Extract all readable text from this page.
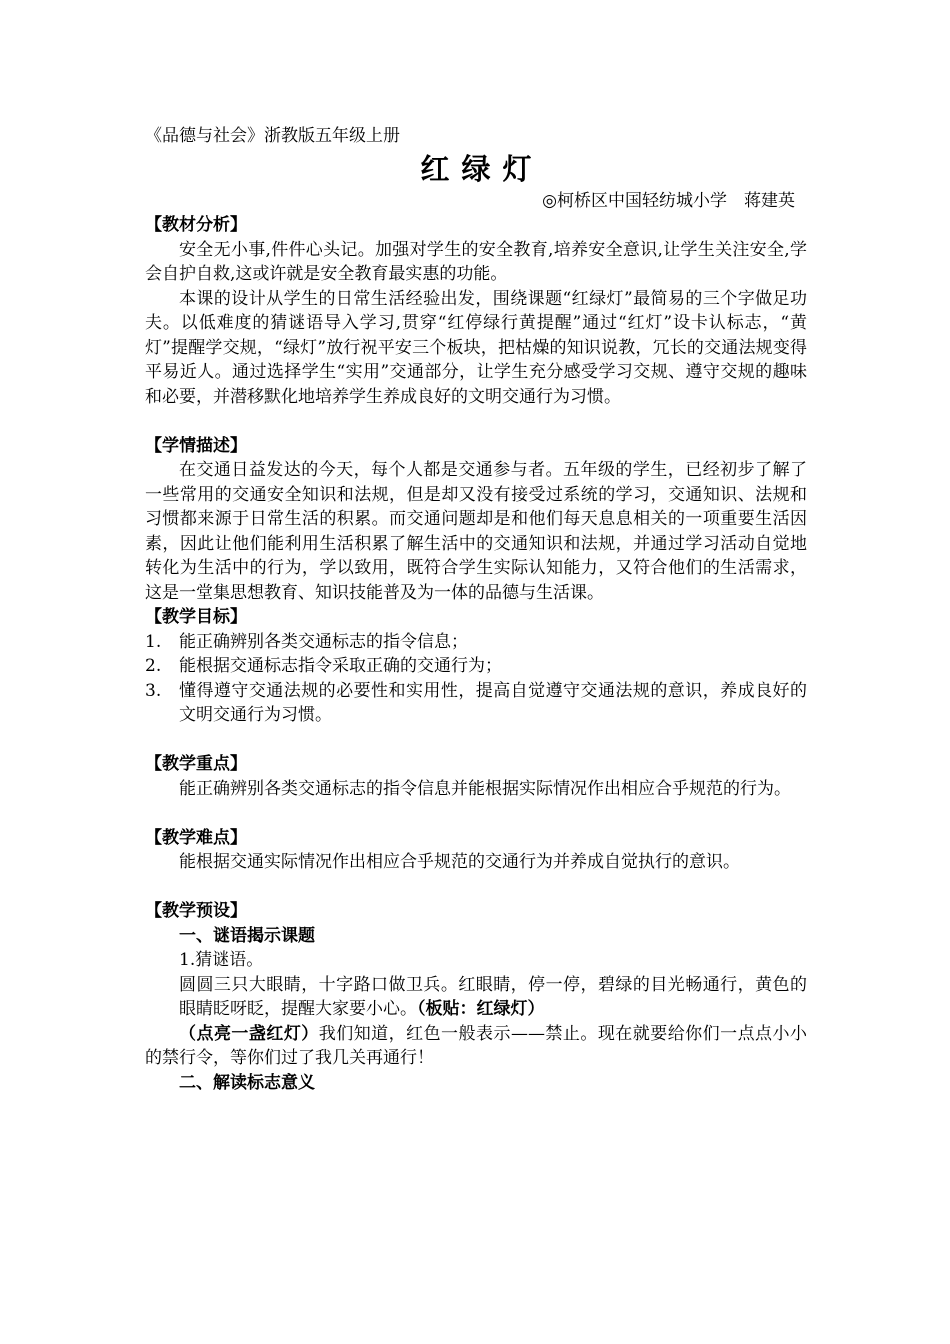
《品德与社会》浙教版五年级上册

红绿灯

◎柯桥区中国轻纺城小学　蒋建英

【教材分析】

安全无小事,件件心头记。加强对学生的安全教育,培养安全意识,让学生关注安全,学会自护自救,这或许就是安全教育最实惠的功能。

本课的设计从学生的日常生活经验出发，围绕课题“红绿灯”最简易的三个字做足功夫。以低难度的猜谜语导入学习,贯穿“红停绿行黄提醒”通过“红灯”设卡认标志，“黄灯”提醒学交规，“绿灯”放行祝平安三个板块，把枯燥的知识说教，冗长的交通法规变得平易近人。通过选择学生“实用”交通部分，让学生充分感受学习交规、遵守交规的趣味和必要，并潜移默化地培养学生养成良好的文明交通行为习惯。

【学情描述】

在交通日益发达的今天，每个人都是交通参与者。五年级的学生，已经初步了解了一些常用的交通安全知识和法规，但是却又没有接受过系统的学习，交通知识、法规和习惯都来源于日常生活的积累。而交通问题却是和他们每天息息相关的一项重要生活因素，因此让他们能利用生活积累了解生活中的交通知识和法规，并通过学习活动自觉地转化为生活中的行为，学以致用，既符合学生实际认知能力，又符合他们的生活需求，这是一堂集思想教育、知识技能普及为一体的品德与生活课。

【教学目标】

1. 能正确辨别各类交通标志的指令信息；
2. 能根据交通标志指令采取正确的交通行为；
3. 懂得遵守交通法规的必要性和实用性，提高自觉遵守交通法规的意识，养成良好的文明交通行为习惯。

【教学重点】

能正确辨别各类交通标志的指令信息并能根据实际情况作出相应合乎规范的行为。

【教学难点】

能根据交通实际情况作出相应合乎规范的交通行为并养成自觉执行的意识。

【教学预设】

一、谜语揭示课题

1.猜谜语。

圆圆三只大眼睛，十字路口做卫兵。红眼睛，停一停，碧绿的目光畅通行，黄色的眼睛眨呀眨，提醒大家要小心。（板贴：红绿灯）

（点亮一盏红灯）我们知道，红色一般表示——禁止。现在就要给你们一点点小小的禁行令，等你们过了我几关再通行！

二、解读标志意义
